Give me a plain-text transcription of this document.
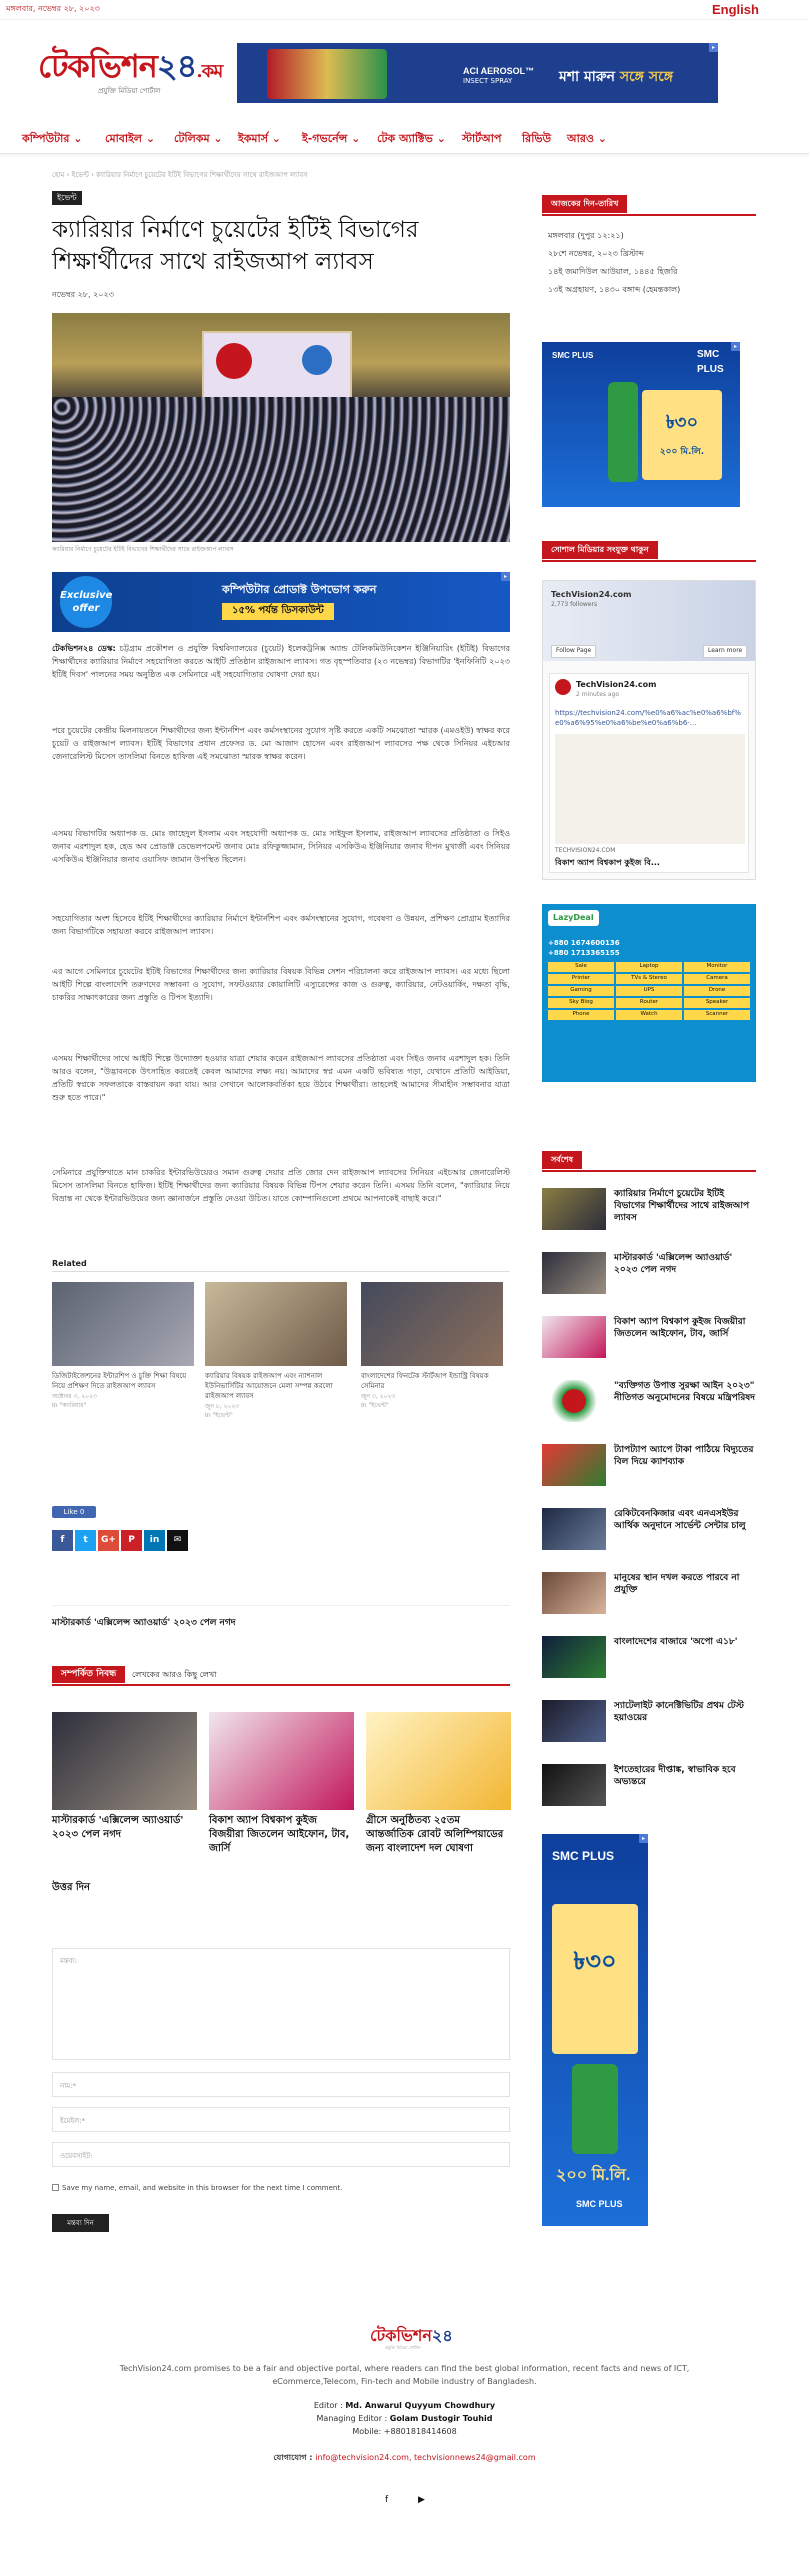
মঙ্গলবার, নভেম্বর ২৮, ২০২৩	English
টেকভিশন২৪.কম
প্রযুক্তি মিডিয়া পোর্টাল
ACI AEROSOL™
INSECT SPRAY	মশা মারুন সঙ্গে সঙ্গে
▸
কম্পিউটার ⌄ মোবাইল ⌄ টেলিকম ⌄ ইকমার্স ⌄ ই-গভর্নেন্স ⌄ টেক অ্যাক্টিভ ⌄ স্টার্টআপ রিভিউ আরও ⌄
হোম › ইভেন্ট › ক্যারিয়ার নির্মাণে চুয়েটের ইটিই বিভাগের শিক্ষার্থীদের সাথে রাইজআপ ল্যাবস
ইভেন্ট
ক্যারিয়ার নির্মাণে চুয়েটের ইটিই বিভাগের শিক্ষার্থীদের সাথে রাইজআপ ল্যাবস
নভেম্বর ২৮, ২০২৩
ক্যারিয়ার নির্মাণে চুয়েটের ইটিই বিভাগের শিক্ষার্থীদের সাথে রাইজআপ ল্যাবস
Exclusive
offer
কম্পিউটার প্রোডাক্ট উপভোগ করুন
১৫% পর্যন্ত ডিসকাউন্ট
▸
টেকভিশন২৪ ডেস্ক: চট্টগ্রাম প্রকৌশল ও প্রযুক্তি বিশ্ববিদ্যালয়ের (চুয়েট) ইলেকট্রনিক্স অ্যান্ড টেলিকমিউনিকেশন ইঞ্জিনিয়ারিং (ইটিই) বিভাগের শিক্ষার্থীদের ক্যারিয়ার নির্মাণে সহযোগিতা করতে আইটি প্রতিষ্ঠান রাইজআপ ল্যাবস। গত বৃহস্পতিবার (২৩ নভেম্বর) বিভাগটির 'ইনফিনিটি ২০২৩ ইটিই দিবস' পালনের সময় অনুষ্ঠিত এক সেমিনারে এই সহযোগিতার ঘোষণা দেয়া হয়।
পরে চুয়েটের কেন্দ্রীয় মিলনায়তনে শিক্ষার্থীদের জন্য ইন্টার্নশিপ এবং কর্মসংস্থানের সুযোগ সৃষ্টি করতে একটি সমঝোতা স্মারক (এমওইউ) স্বাক্ষর করে চুয়েট ও রাইজআপ ল্যাবস। ইটিই বিভাগের প্রধান প্রফেসর ড. মো আজাদ হোসেন এবং রাইজআপ ল্যাবসের পক্ষ থেকে সিনিয়র এইচআর জেনারেলিস্ট মিসেস তাসলিমা বিনতে হাফিজ এই সমঝোতা স্মারক স্বাক্ষর করেন।
এসময় বিভাগটির অধ্যাপক ড. মোঃ জাহেদুল ইসলাম এবং সহযোগী অধ্যাপক ড. মোঃ সাইফুল ইসলাম, রাইজআপ ল্যাবসের প্রতিষ্ঠাতা ও সিইও জনাব এরশাদুল হক, হেড অব প্রোডাক্ট ডেভেলপমেন্ট জনাব মোঃ রফিকুজ্জামান, সিনিয়র এসকিউএ ইঞ্জিনিয়ার জনাব দীপন মুখার্জী এবং সিনিয়র এসকিউএ ইঞ্জিনিয়ার জনাব ওয়াসিফ জামান উপস্থিত ছিলেন।
সহযোগিতার অংশ হিসেবে ইটিই শিক্ষার্থীদের ক্যারিয়ার নির্মাণে ইন্টার্নশিপ এবং কর্মসংস্থানের সুযোগ, গবেষণা ও উন্নয়ন, প্রশিক্ষণ প্রোগ্রাম ইত্যাদির জন্য বিভাগটিকে সহায়তা করবে রাইজআপ ল্যাবস।
এর আগে সেমিনারে চুয়েটের ইটিই বিভাগের শিক্ষার্থীদের জন্য ক্যারিয়ার বিষয়ক বিভিন্ন সেশন পরিচালনা করে রাইজআপ ল্যাবস। এর মধ্যে ছিলো আইটি শিল্পে বাংলাদেশি তরুণদের সম্ভাবনা ও সুযোগ, সফটওয়্যার কোয়ালিটি এস্যুরেন্সের কাজ ও গুরুত্ব, ক্যারিয়ার, নেটওয়ার্কিং, দক্ষতা বৃদ্ধি, চাকরির সাক্ষাৎকারের জন্য প্রস্তুতি ও টিপস ইত্যাদি।
এসময় শিক্ষার্থীদের সাথে আইটি শিল্পে উদ্যোক্তা হওয়ার যাত্রা শেয়ার করেন রাইজআপ ল্যাবসের প্রতিষ্ঠাতা এবং সিইও জনাব এরশাদুল হক। তিনি আরও বলেন, "উদ্ভাবনকে উৎসাহিত করতেই কেবল আমাদের লক্ষ্য নয়। আমাদের স্বপ্ন এমন একটি ভবিষ্যত গড়া, যেখানে প্রতিটি আইডিয়া, প্রতিটি স্বপ্নকে সফলতাকে বাস্তবায়ন করা যায়। আর সেখানে আলোকবর্তিকা হয়ে উঠবে শিক্ষার্থীরা। তাহলেই আমাদের সীমাহীন সম্ভাবনার যাত্রা শুরু হতে পারে।"
সেমিনারে প্রযুক্তিখাতে মান চাকরির ইন্টারভিউয়েরও সমান গুরুত্ব দেয়ার প্রতি জোর দেন রাইজআপ ল্যাবসের সিনিয়র এইচআর জেনারেলিস্ট মিসেস তাসলিমা বিনতে হাফিজ। ইটিই শিক্ষার্থীদের জন্য ক্যারিয়ার বিষয়ক বিভিন্ন টিপস শেয়ার করেন তিনি। এসময় তিনি বলেন, "ক্যারিয়ার নিয়ে বিভ্রান্ত না থেকে ইন্টারভিউয়ের জন্য জ্ঞানার্জনে প্রস্তুতি নেওয়া উচিত। যাতে কোম্পানিগুলো প্রথমে আপনাকেই বাছাই করে।"
Related
ডিজিটাইজেশনের ইন্টারশিপ ও চুক্তি শিক্ষা বিষয়ে নিয়ে প্রশিক্ষণ দিতে রাইজআপ ল্যাবস
অক্টোবর ৩, ২০২৩
In "ক্যারিয়ার"
ক্যারিয়ার বিষয়ক রাইজআপ এবং ন্যাশনাল ইউনিভার্সিটির আয়োজনে মেলা সম্পন্ন করলো রাইজআপ ল্যাবস
জুন ৮, ২০২৩
In "ইভেন্ট"
বাংলাদেশের ফিনটেক স্টার্টআপ ইন্ডাস্ট্রি বিষয়ক সেমিনার
জুন ৩, ২০২৩
In "ইভেন্ট"
Like 0
f	t	G+	P	in	✉
মাস্টারকার্ড 'এক্সিলেন্স অ্যাওয়ার্ড' ২০২৩ পেল নগদ
সম্পর্কিত নিবন্ধ	লেখকের আরও কিছু লেখা
মাস্টারকার্ড 'এক্সিলেন্স অ্যাওয়ার্ড' ২০২৩ পেল নগদ
বিকাশ অ্যাপ বিশ্বকাপ কুইজ বিজয়ীরা জিতলেন আইফোন, টাব, জার্সি
গ্রীসে অনুষ্ঠিতব্য ২৫তম আন্তর্জাতিক রোবট অলিম্পিয়াডের জন্য বাংলাদেশ দল ঘোষণা
উত্তর দিন
মন্তব্য:
নাম:*
ইমেইল:*
ওয়েবসাইট:
Save my name, email, and website in this browser for the next time I comment.
মন্তব্য দিন
আজকের দিন-তারিখ
মঙ্গলবার (দুপুর ১২:২১)
২৮শে নভেম্বর, ২০২৩ খ্রিস্টাব্দ
১৪ই জমাদিউল আউয়াল, ১৪৪৫ হিজরি
১৩ই অগ্রহায়ণ, ১৪৩০ বঙ্গাব্দ (হেমন্তকাল)
SMC PLUS	SMC PLUS
৳৩০
২০০ মি.লি.
▸
সোশাল মিডিয়ার সংযুক্ত থাকুন
TechVision24.com
2,773 followers
Follow Page	Learn more
TechVision24.com
2 minutes ago
https://techvision24.com/%e0%a6%ac%e0%a6%bf%e0%a6%95%e0%a6%be%e0%a6%b6-...
TECHVISION24.COM
বিকাশ অ্যাপ বিশ্বকাপ কুইজ বি...
LazyDeal
+880 1674600136
+880 1713365155
Sale	Laptop	Monitor
Printer	TVs & Stereo	Camera
Gaming	UPS	Drone
Sky Blog	Router	Speaker
Phone	Watch	Scanner
সর্বশেষ
ক্যারিয়ার নির্মাণে চুয়েটের ইটিই বিভাগের শিক্ষার্থীদের সাথে রাইজআপ ল্যাবস
মাস্টারকার্ড 'এক্সিলেন্স অ্যাওয়ার্ড' ২০২৩ পেল নগদ
বিকাশ অ্যাপ বিশ্বকাপ কুইজ বিজয়ীরা জিতলেন আইফোন, টাব, জার্সি
"ব্যক্তিগত উপাত্ত সুরক্ষা আইন ২০২৩" নীতিগত অনুমোদনের বিষয়ে মন্ত্রিপরিষদ
ট্যাপট্যাপ অ্যাপে টাকা পাঠিয়ে বিদ্যুতের বিল দিয়ে ক্যাশব্যাক
রেকিটবেনকিজার এবং এনএসইউর আর্থিক অনুদানে সার্ভেন্ট সেন্টার চালু
মানুষের স্থান দখল করতে পারবে না প্রযুক্তি
বাংলাদেশের বাজারে 'অপো এ১৮'
স্যাটেলাইট কানেক্টিভিটির প্রথম টেস্ট হয়াওয়ের
ইশতেহারের দীপ্তাঙ্ক, স্বাভাবিক হবে অভ্যন্তরে
SMC PLUS
৳৩০
২০০ মি.লি.
SMC PLUS
▸
টেকভিশন২৪
প্রযুক্তি মিডিয়া পোর্টাল
TechVision24.com promises to be a fair and objective portal, where readers can find the best global information, recent facts and news of ICT, eCommerce,Telecom, Fin-tech and Mobile industry of Bangladesh.
Editor : Md. Anwarul Quyyum Chowdhury
Managing Editor : Golam Dustogir Touhid
Mobile: +8801818414608
যোগাযোগ : info@techvision24.com, techvisionnews24@gmail.com
f	▶
